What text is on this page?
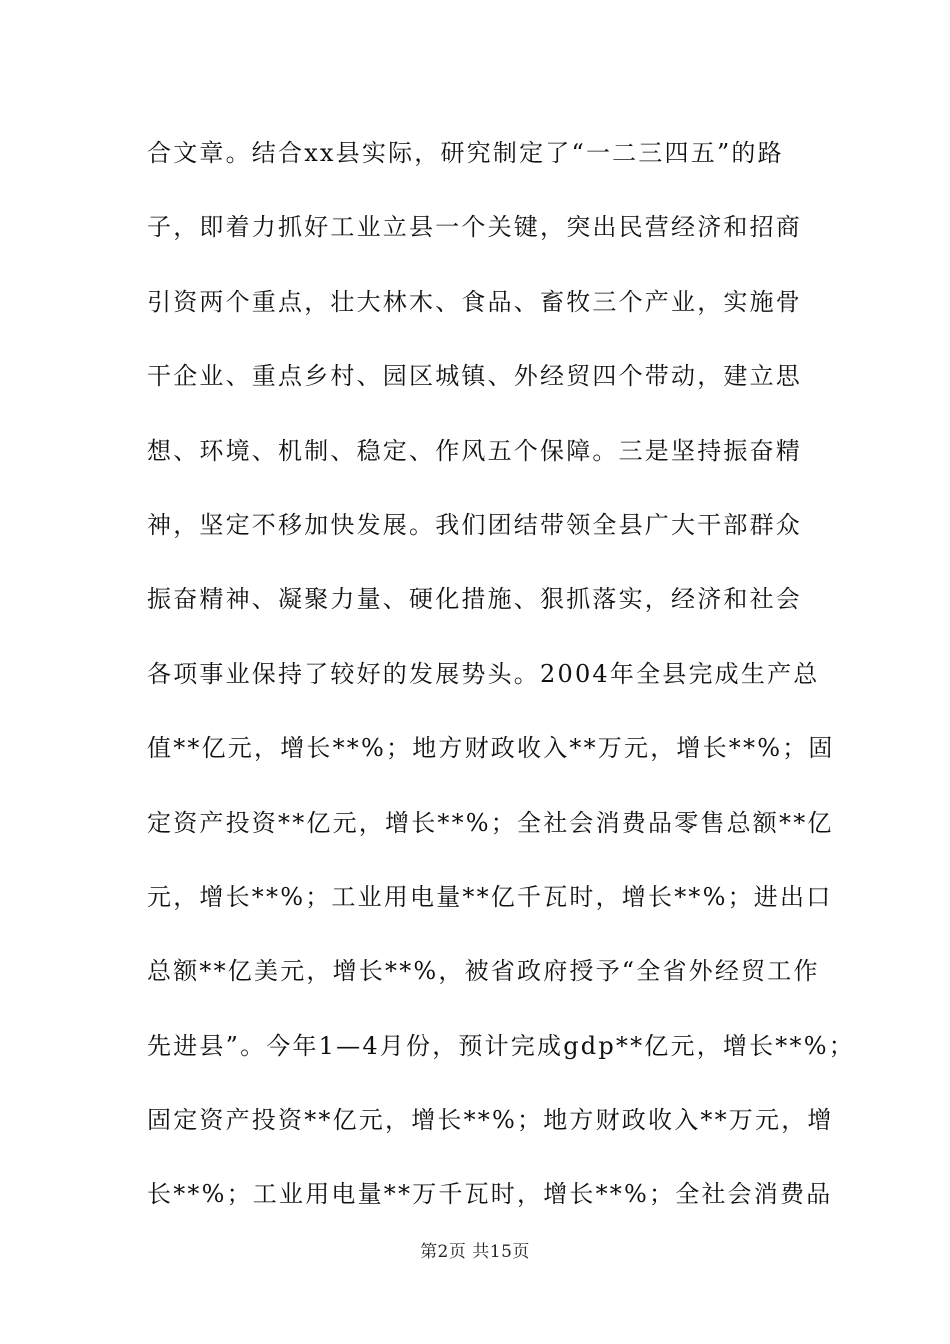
合文章。结合xx县实际，研究制定了“一二三四五”的路
子，即着力抓好工业立县一个关键，突出民营经济和招商
引资两个重点，壮大林木、食品、畜牧三个产业，实施骨
干企业、重点乡村、园区城镇、外经贸四个带动，建立思
想、环境、机制、稳定、作风五个保障。三是坚持振奋精
神，坚定不移加快发展。我们团结带领全县广大干部群众
振奋精神、凝聚力量、硬化措施、狠抓落实，经济和社会
各项事业保持了较好的发展势头。2004年全县完成生产总
值**亿元，增长**%；地方财政收入**万元，增长**%；固
定资产投资**亿元，增长**%；全社会消费品零售总额**亿
元，增长**%；工业用电量**亿千瓦时，增长**%；进出口
总额**亿美元，增长**%，被省政府授予“全省外经贸工作
先进县”。今年1—4月份，预计完成gdp**亿元，增长**%；
固定资产投资**亿元，增长**%；地方财政收入**万元，增
长**%；工业用电量**万千瓦时，增长**%；全社会消费品
第2页 共15页
